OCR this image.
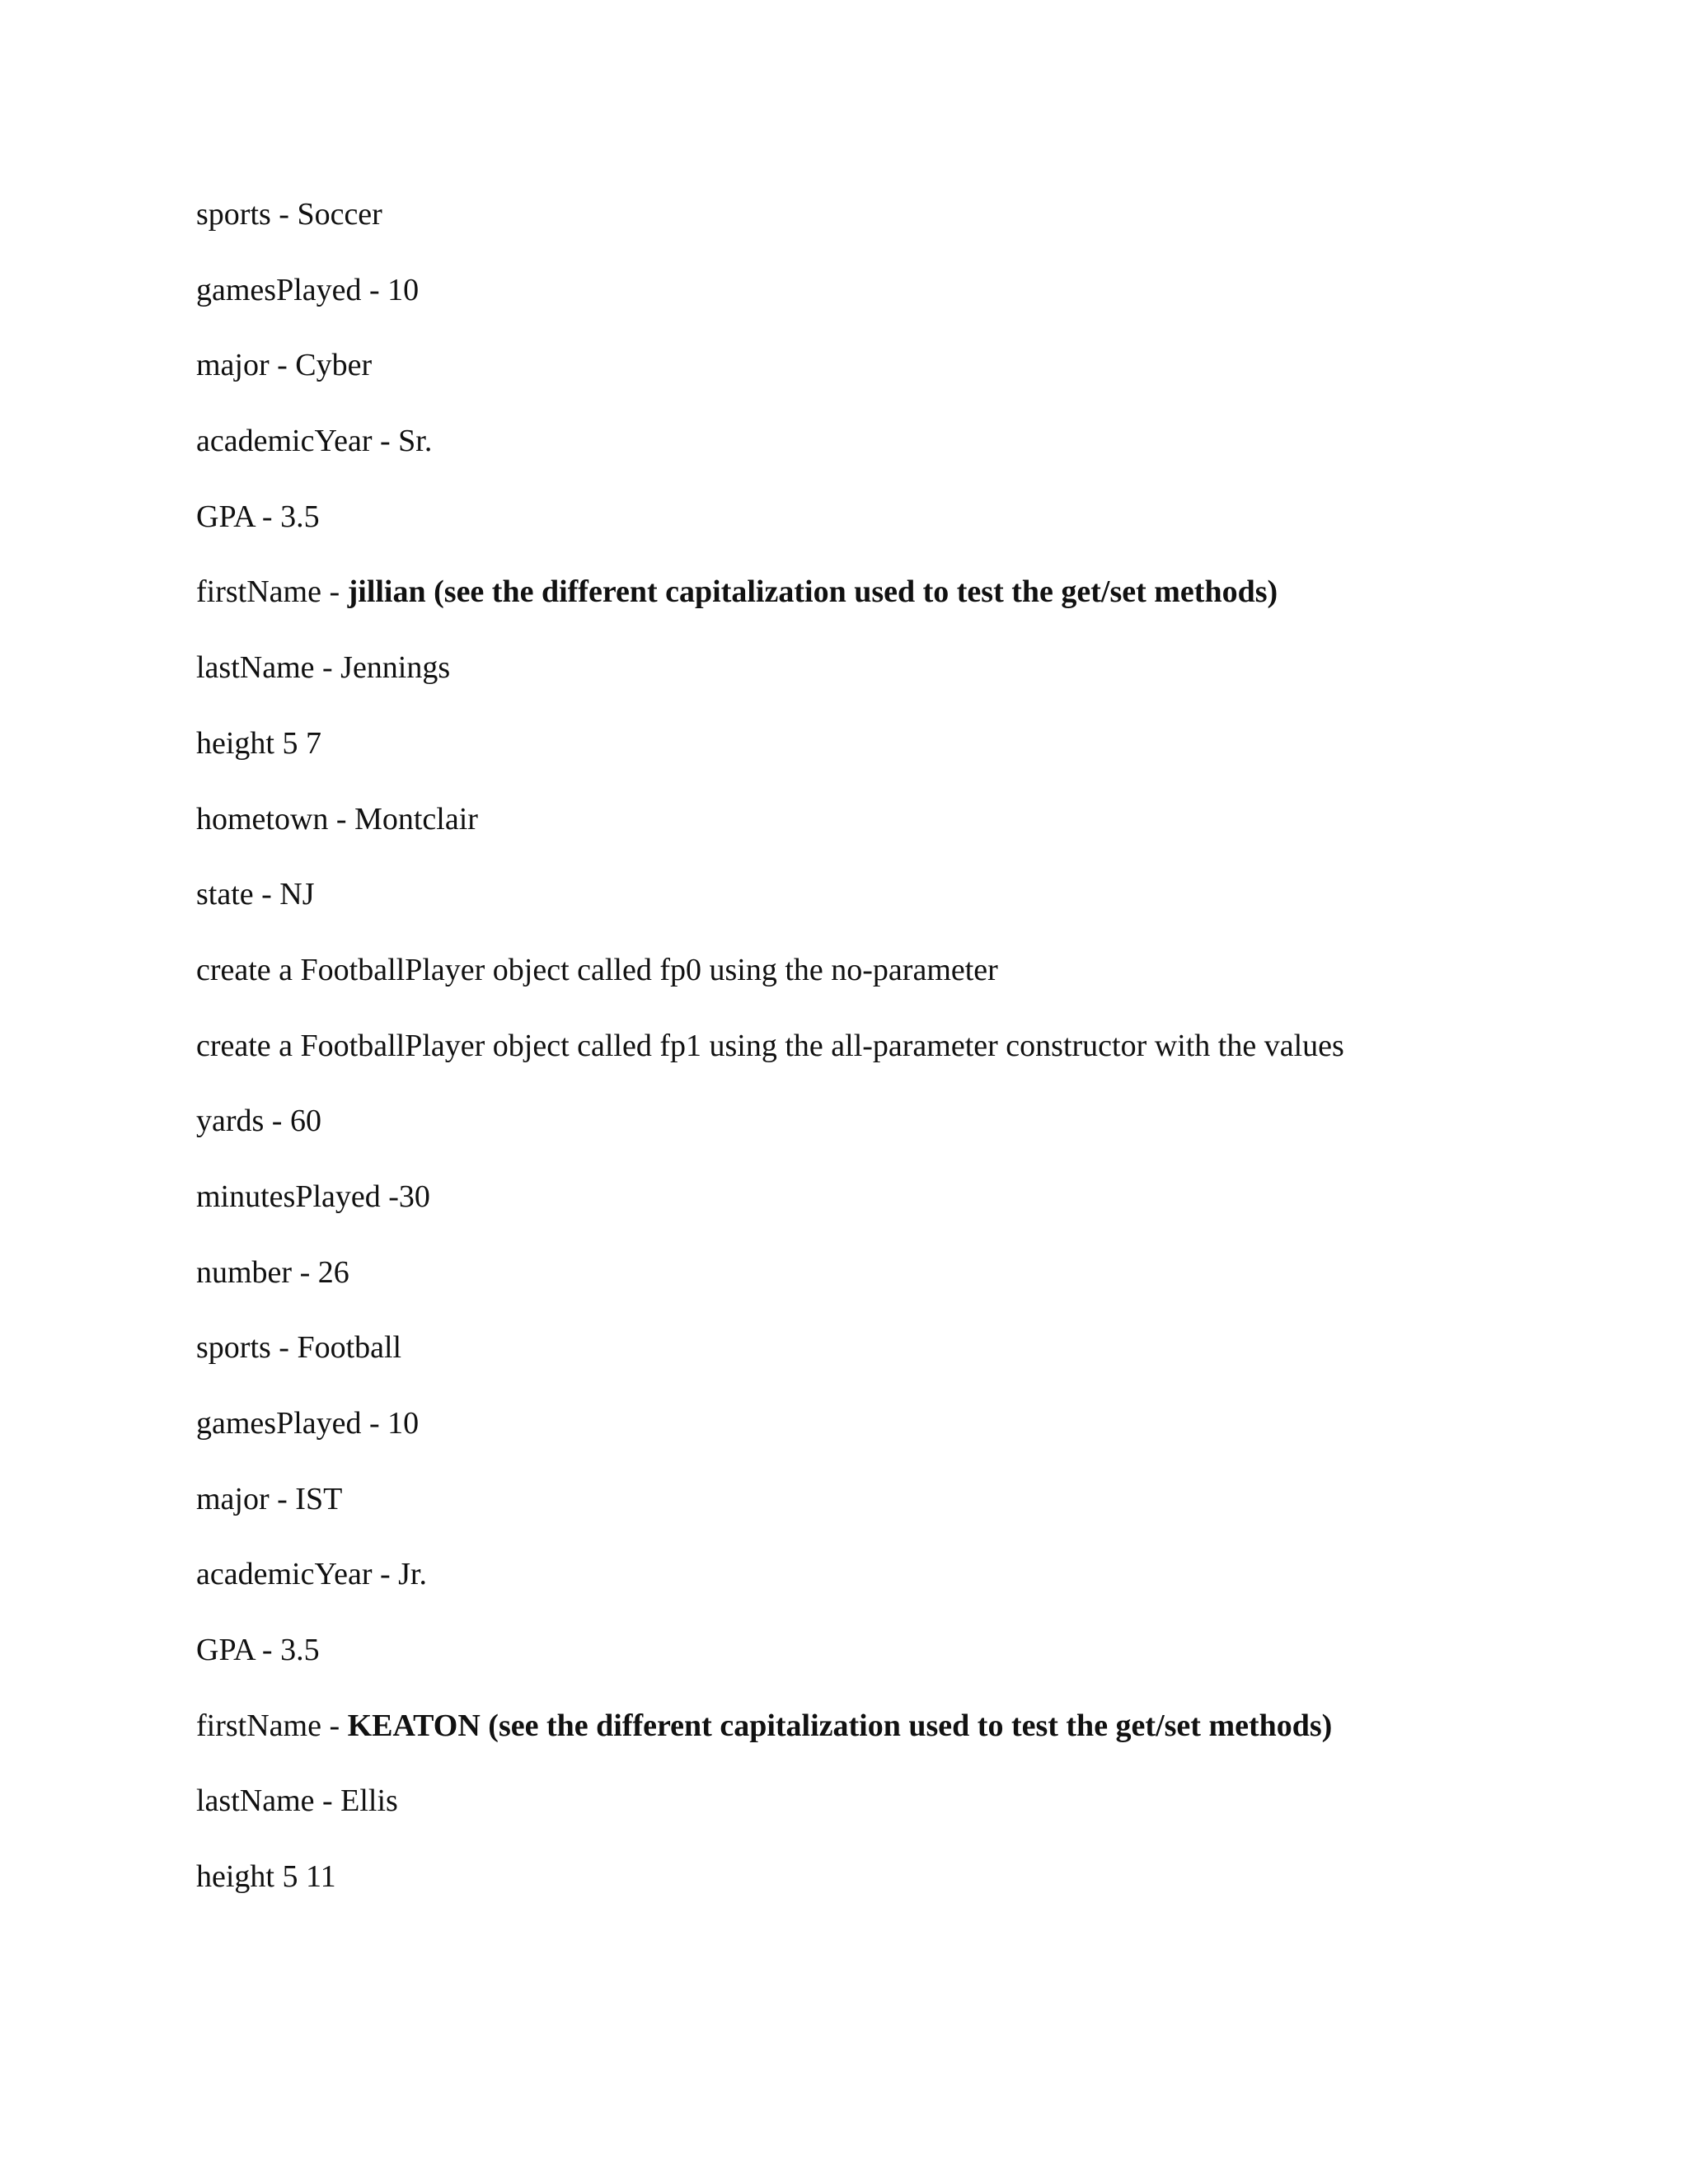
sports - Soccer
gamesPlayed - 10
major - Cyber
academicYear - Sr.
GPA - 3.5
firstName - jillian (see the different capitalization used to test the get/set methods)
lastName - Jennings
height 5 7
hometown - Montclair
state - NJ
create a FootballPlayer object called fp0 using the no-parameter
create a FootballPlayer object called fp1 using the all-parameter constructor with the values
yards - 60
minutesPlayed -30
number - 26
sports - Football
gamesPlayed - 10
major - IST
academicYear - Jr.
GPA - 3.5
firstName - KEATON (see the different capitalization used to test the get/set methods)
lastName - Ellis
height 5 11
